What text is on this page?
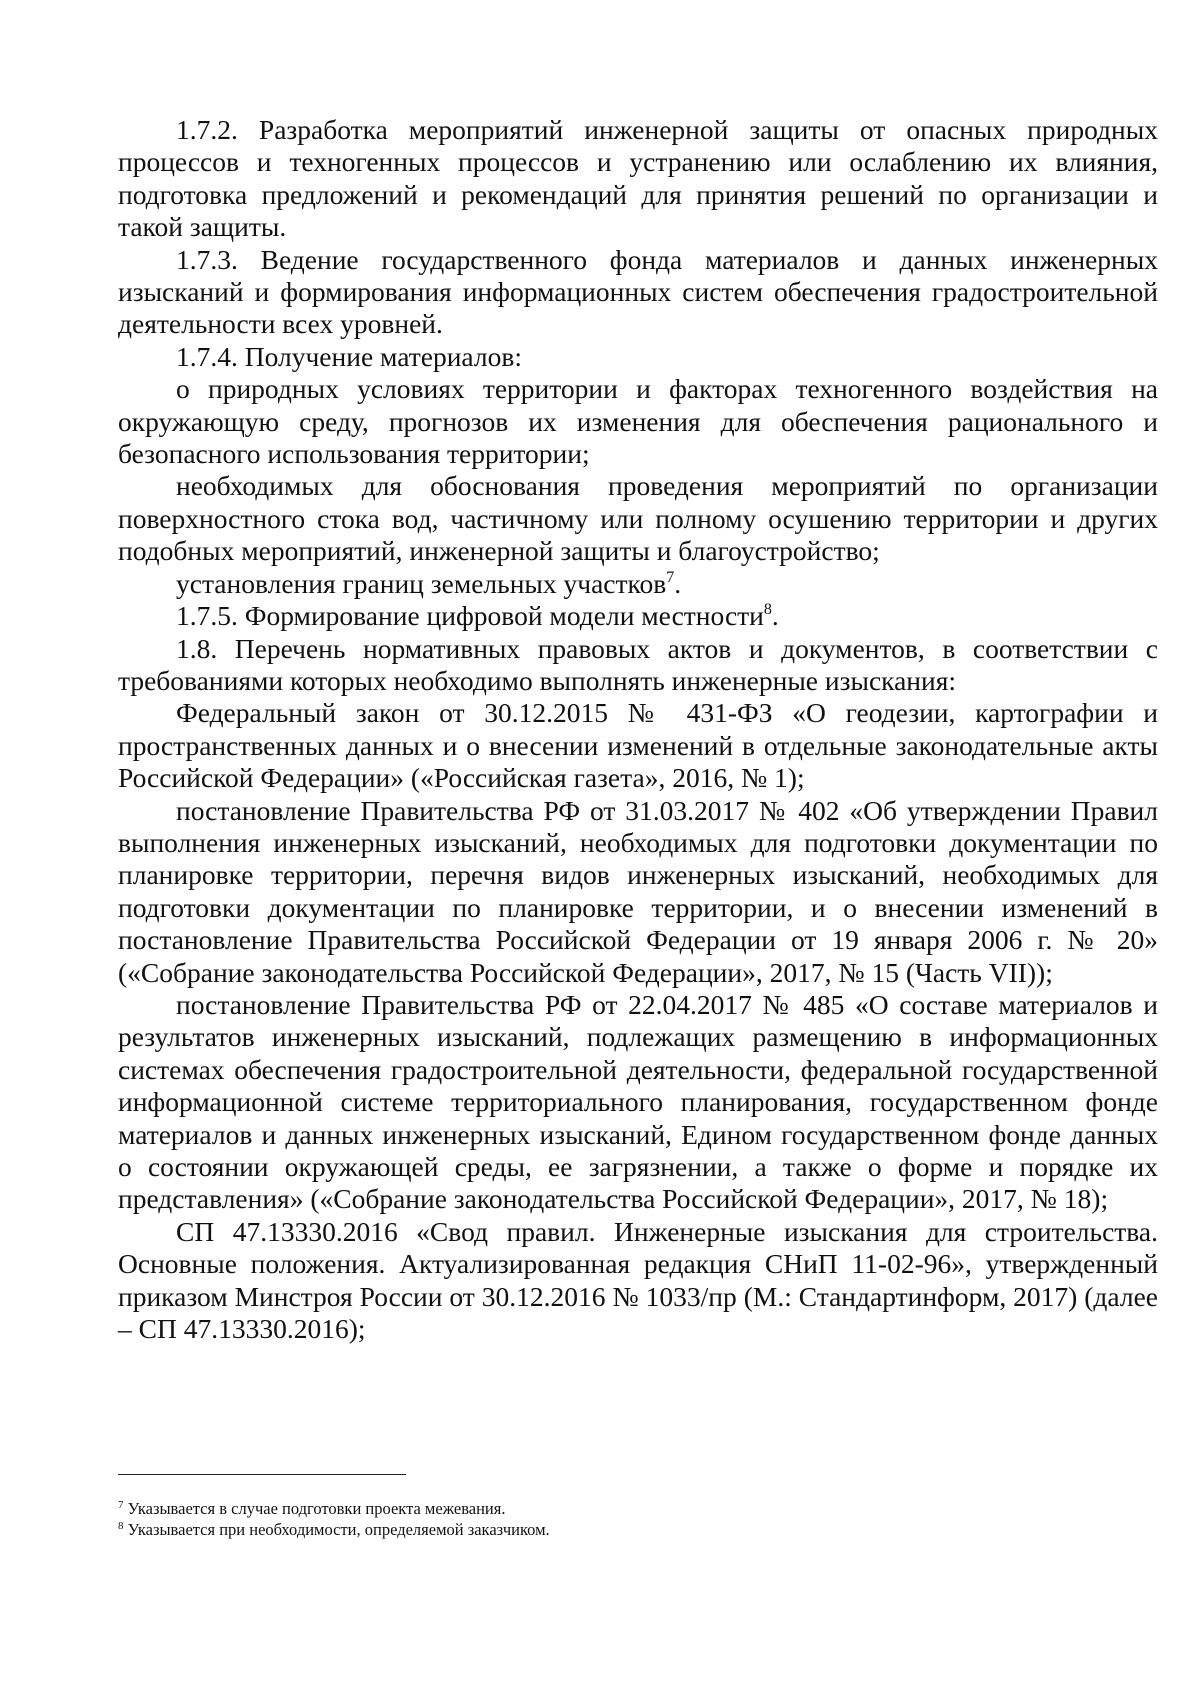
1.7.2. Разработка мероприятий инженерной защиты от опасных природных процессов и техногенных процессов и устранению или ослаблению их влияния, подготовка предложений и рекомендаций для принятия решений по организации и такой защиты.

1.7.3. Ведение государственного фонда материалов и данных инженерных изысканий и формирования информационных систем обеспечения градостроительной деятельности всех уровней.

1.7.4. Получение материалов:

о природных условиях территории и факторах техногенного воздействия на окружающую среду, прогнозов их изменения для обеспечения рационального и безопасного использования территории;

необходимых для обоснования проведения мероприятий по организации поверхностного стока вод, частичному или полному осушению территории и других подобных мероприятий, инженерной защиты и благоустройство;

установления границ земельных участков$^7$.

1.7.5. Формирование цифровой модели местности$^8$.

1.8. Перечень нормативных правовых актов и документов, в соответствии с требованиями которых необходимо выполнять инженерные изыскания:

Федеральный закон от 30.12.2015 № 431-ФЗ «О геодезии, картографии и пространственных данных и о внесении изменений в отдельные законодательные акты Российской Федерации» («Российская газета», 2016, № 1);

постановление Правительства РФ от 31.03.2017 № 402 «Об утверждении Правил выполнения инженерных изысканий, необходимых для подготовки документации по планировке территории, перечня видов инженерных изысканий, необходимых для подготовки документации по планировке территории, и о внесении изменений в постановление Правительства Российской Федерации от 19 января 2006 г. № 20» («Собрание законодательства Российской Федерации», 2017, № 15 (Часть VII));

постановление Правительства РФ от 22.04.2017 № 485 «О составе материалов и результатов инженерных изысканий, подлежащих размещению в информационных системах обеспечения градостроительной деятельности, федеральной государственной информационной системе территориального планирования, государственном фонде материалов и данных инженерных изысканий, Едином государственном фонде данных о состоянии окружающей среды, ее загрязнении, а также о форме и порядке их представления» («Собрание законодательства Российской Федерации», 2017, № 18);

СП 47.13330.2016 «Свод правил. Инженерные изыскания для строительства. Основные положения. Актуализированная редакция СНиП 11-02-96», утвержденный приказом Минстроя России от 30.12.2016 № 1033/пр (М.: Стандартинформ, 2017) (далее – СП 47.13330.2016);

$^7$ Указывается в случае подготовки проекта межевания.

$^8$ Указывается при необходимости, определяемой заказчиком.
